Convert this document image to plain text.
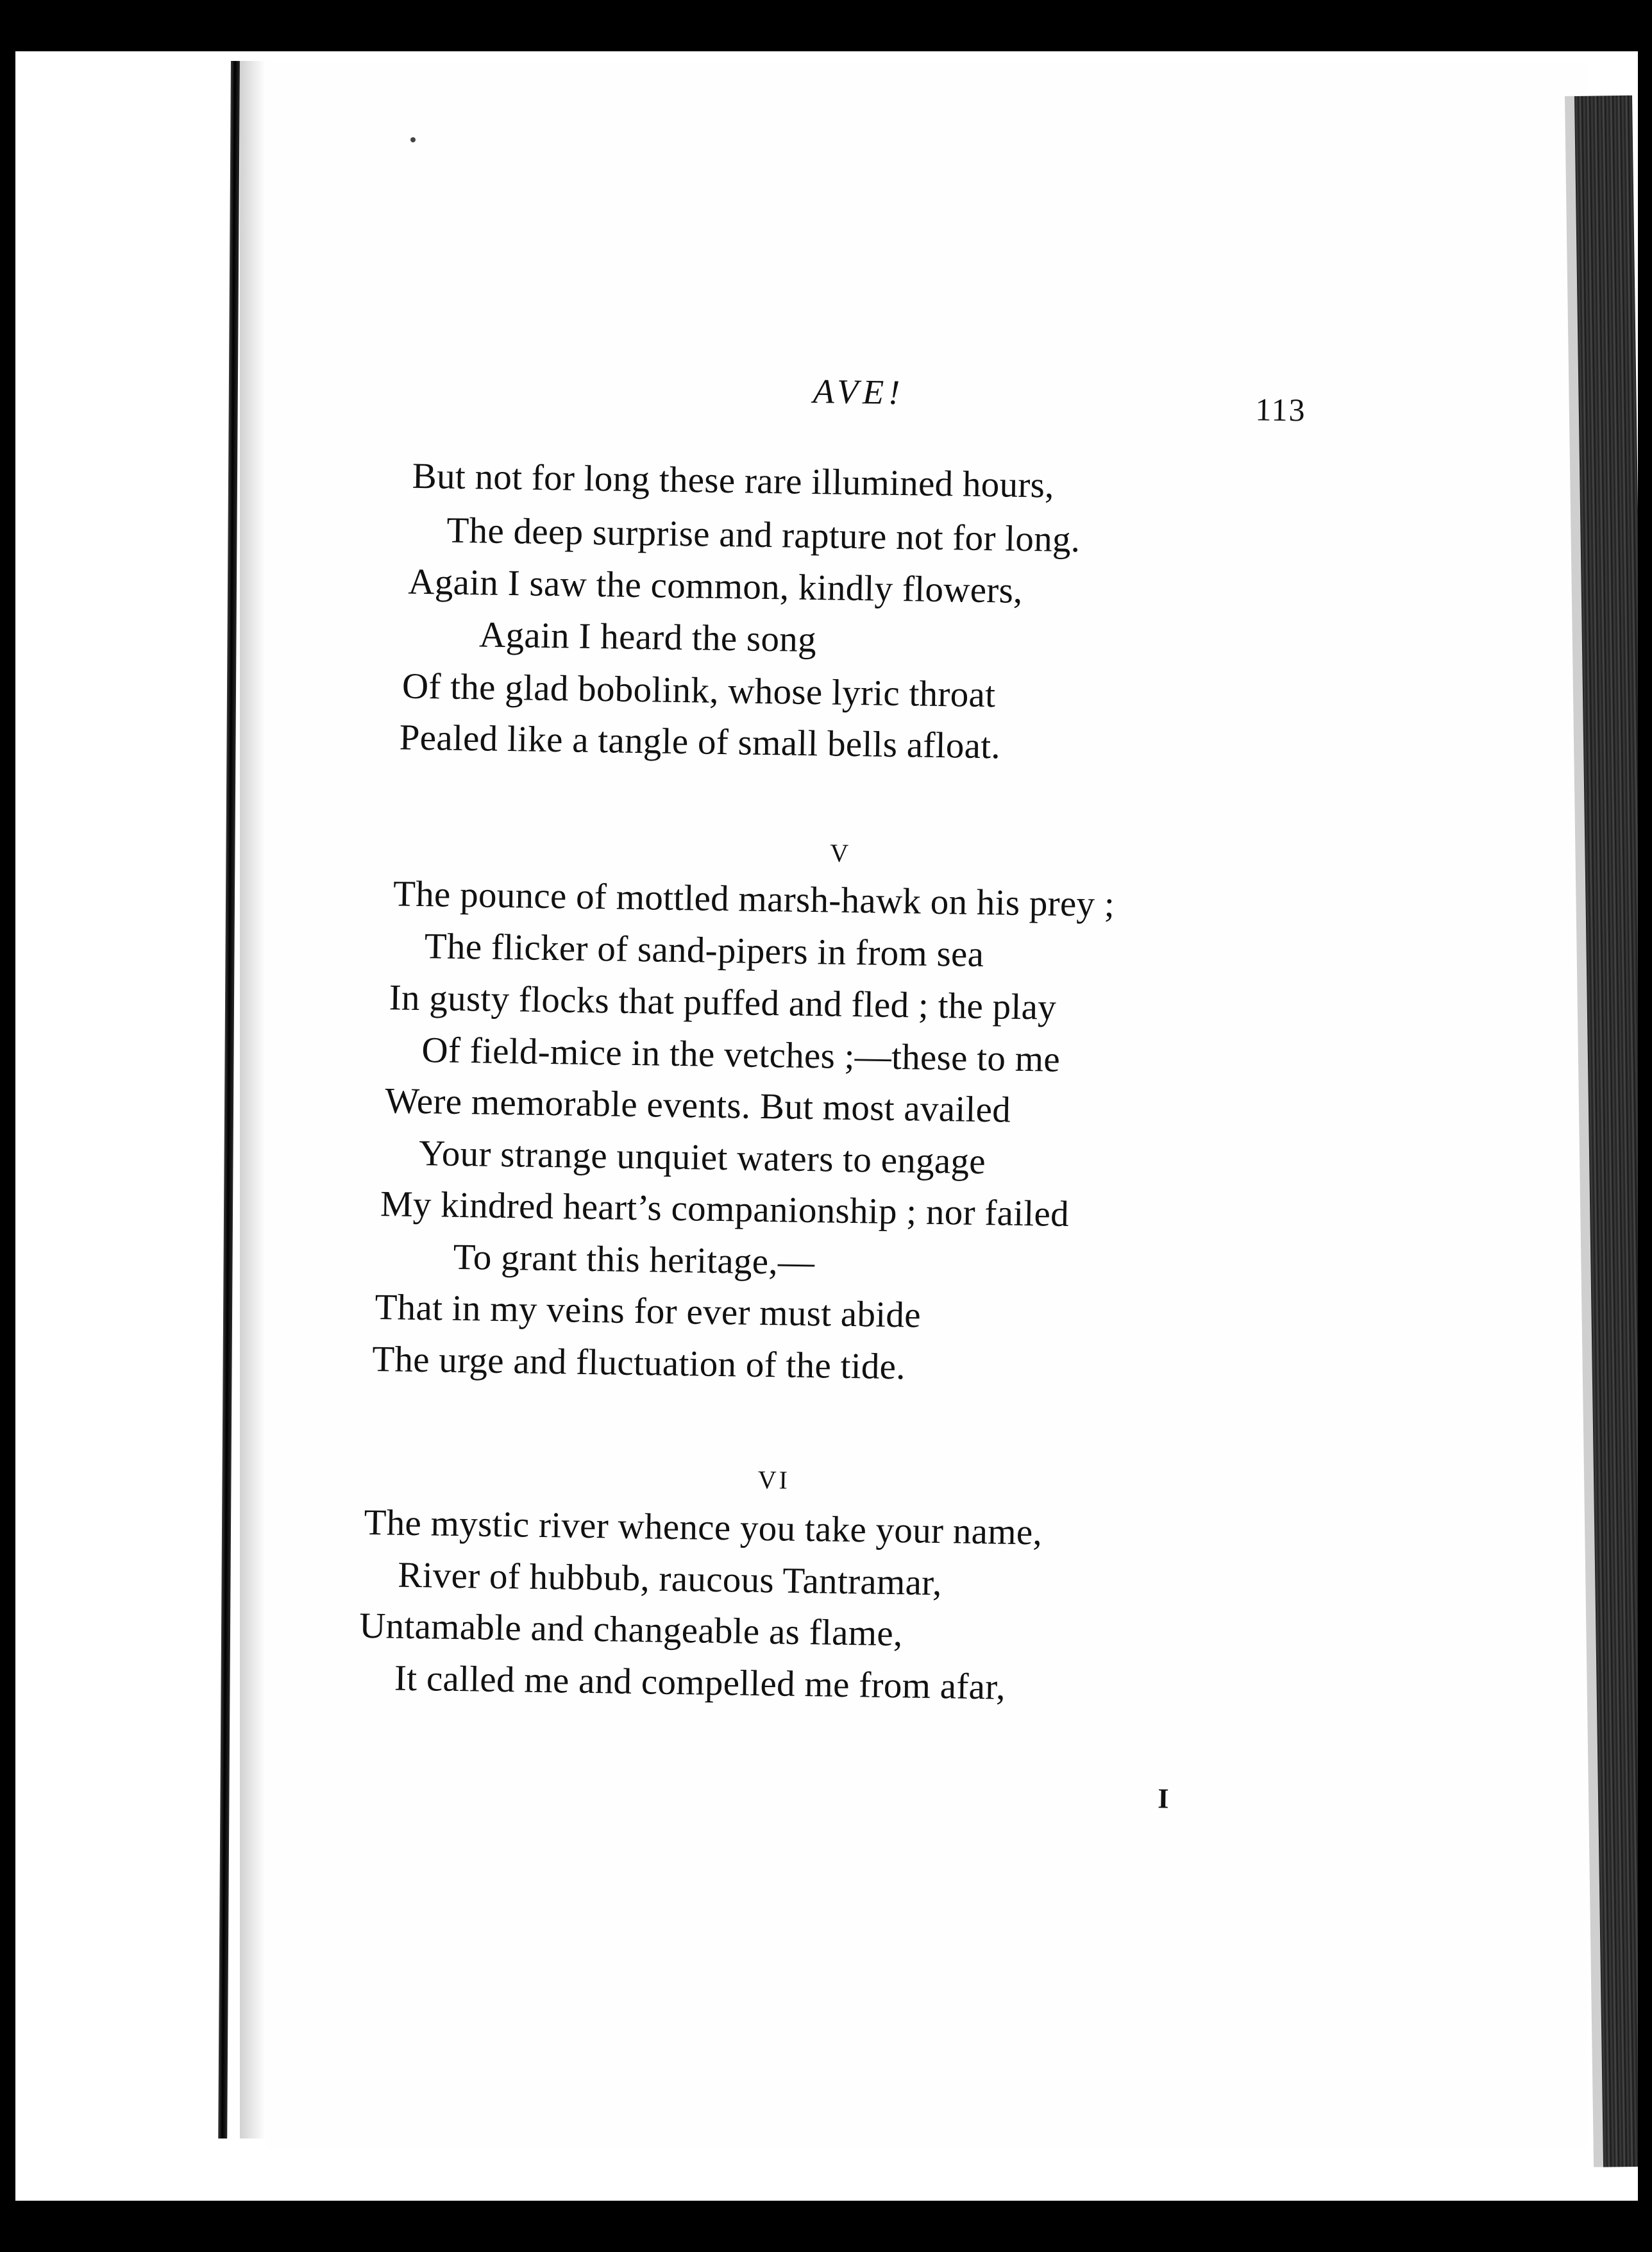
AVE!	113
But not for long these rare illumined hours,
The deep surprise and rapture not for long.
Again I saw the common, kindly flowers,
Again I heard the song
Of the glad bobolink, whose lyric throat
Pealed like a tangle of small bells afloat.
V
The pounce of mottled marsh-hawk on his prey ;
The flicker of sand-pipers in from sea
In gusty flocks that puffed and fled ; the play
Of field-mice in the vetches ;—these to me
Were memorable events. But most availed
Your strange unquiet waters to engage
My kindred heart’s companionship ; nor failed
To grant this heritage,—
That in my veins for ever must abide
The urge and fluctuation of the tide.
VI
The mystic river whence you take your name,
River of hubbub, raucous Tantramar,
Untamable and changeable as flame,
It called me and compelled me from afar,
I
